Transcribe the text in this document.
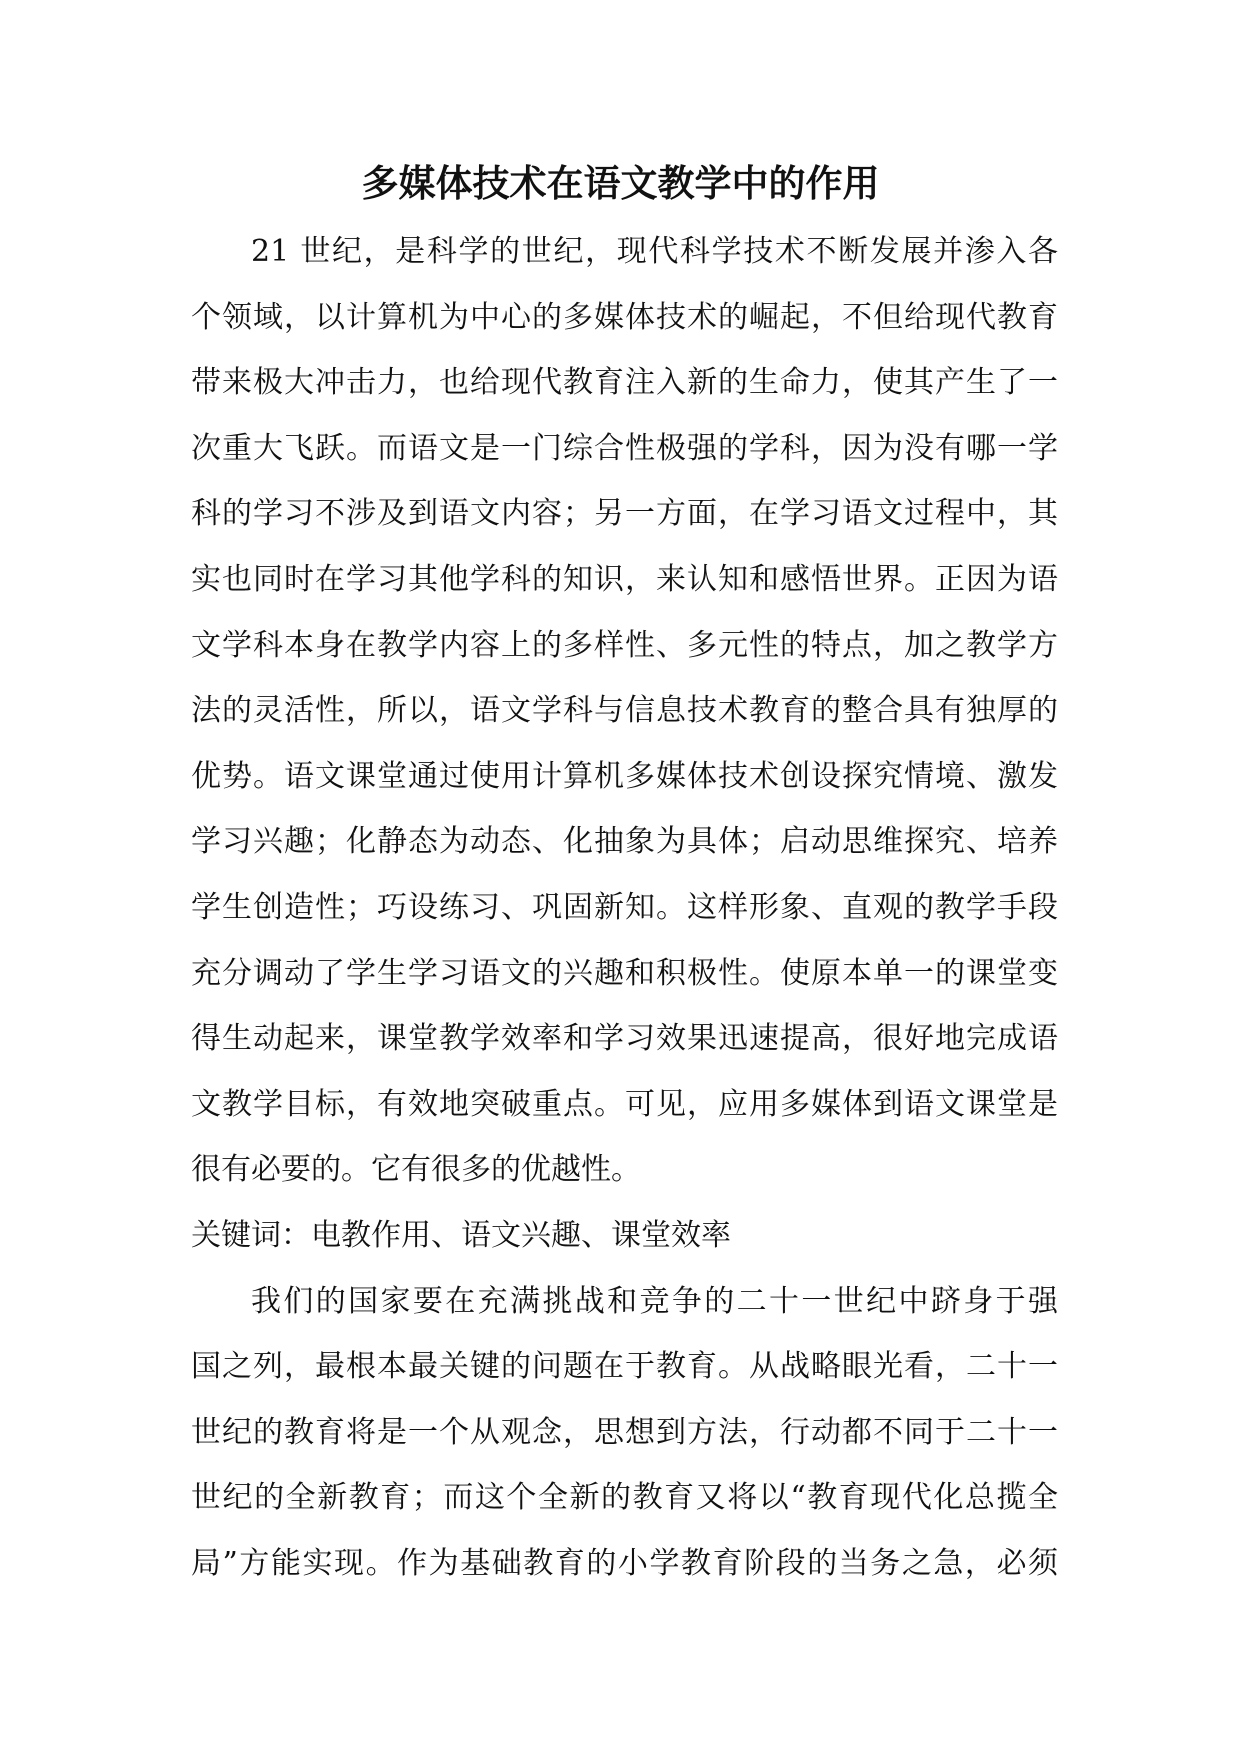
多媒体技术在语文教学中的作用
21 世纪，是科学的世纪，现代科学技术不断发展并渗入各
个领域，以计算机为中心的多媒体技术的崛起，不但给现代教育
带来极大冲击力，也给现代教育注入新的生命力，使其产生了一
次重大飞跃。而语文是一门综合性极强的学科，因为没有哪一学
科的学习不涉及到语文内容；另一方面，在学习语文过程中，其
实也同时在学习其他学科的知识，来认知和感悟世界。正因为语
文学科本身在教学内容上的多样性、多元性的特点，加之教学方
法的灵活性，所以，语文学科与信息技术教育的整合具有独厚的
优势。语文课堂通过使用计算机多媒体技术创设探究情境、激发
学习兴趣；化静态为动态、化抽象为具体；启动思维探究、培养
学生创造性；巧设练习、巩固新知。这样形象、直观的教学手段
充分调动了学生学习语文的兴趣和积极性。使原本单一的课堂变
得生动起来，课堂教学效率和学习效果迅速提高，很好地完成语
文教学目标，有效地突破重点。可见，应用多媒体到语文课堂是
很有必要的。它有很多的优越性。
关键词：电教作用、语文兴趣、课堂效率
我们的国家要在充满挑战和竞争的二十一世纪中跻身于强
国之列，最根本最关键的问题在于教育。从战略眼光看，二十一
世纪的教育将是一个从观念，思想到方法，行动都不同于二十一
世纪的全新教育；而这个全新的教育又将以“教育现代化总揽全
局”方能实现。作为基础教育的小学教育阶段的当务之急，必须
